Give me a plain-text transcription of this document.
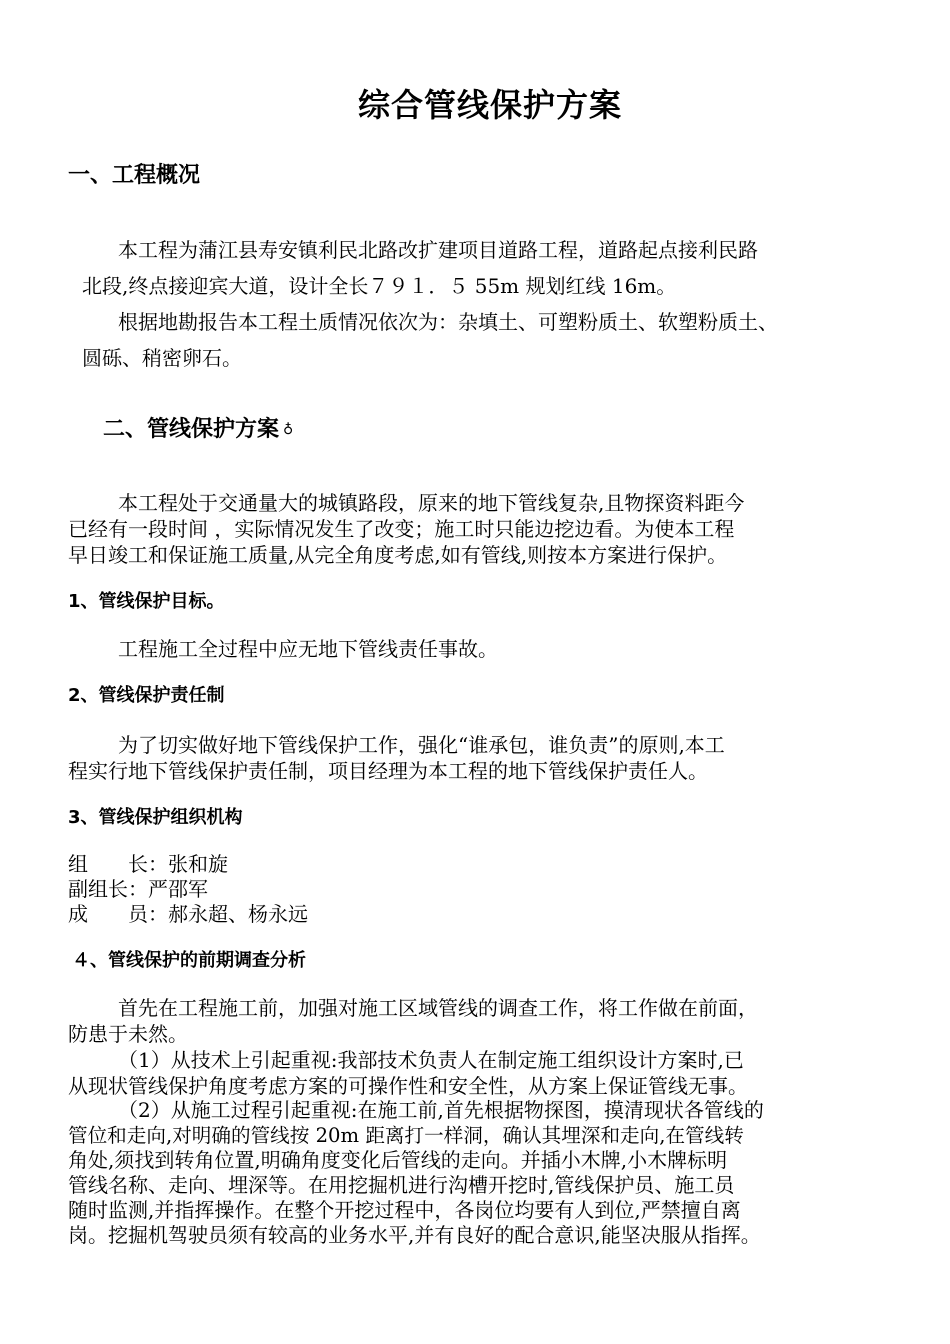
综合管线保护方案
一、工程概况
本工程为蒲江县寿安镇利民北路改扩建项目道路工程，道路起点接利民路
北段,终点接迎宾大道，设计全长７９１．５ 55m 规划红线 16m。
根据地勘报告本工程土质情况依次为：杂填土、可塑粉质土、软塑粉质土、
圆砾、稍密卵石。
二、管线保护方案 ♁
本工程处于交通量大的城镇路段，原来的地下管线复杂,且物探资料距今
已经有一段时间 ，实际情况发生了改变；施工时只能边挖边看。为使本工程
早日竣工和保证施工质量,从完全角度考虑,如有管线,则按本方案进行保护。
1、管线保护目标。
工程施工全过程中应无地下管线责任事故。
2、管线保护责任制
为了切实做好地下管线保护工作，强化“谁承包，谁负责”的原则,本工
程实行地下管线保护责任制，项目经理为本工程的地下管线保护责任人。
3、管线保护组织机构
组　　长：张和旋
副组长：严邵军
成　　员：郝永超、杨永远
４、管线保护的前期调查分析
首先在工程施工前，加强对施工区域管线的调查工作，将工作做在前面，
防患于未然。
（1）从技术上引起重视:我部技术负责人在制定施工组织设计方案时,已
从现状管线保护角度考虑方案的可操作性和安全性，从方案上保证管线无事。
（2）从施工过程引起重视:在施工前,首先根据物探图，摸清现状各管线的
管位和走向,对明确的管线按 20m 距离打一样洞，确认其埋深和走向,在管线转
角处,须找到转角位置,明确角度变化后管线的走向。并插小木牌,小木牌标明
管线名称、走向、埋深等。在用挖掘机进行沟槽开挖时,管线保护员、施工员
随时监测,并指挥操作。在整个开挖过程中，各岗位均要有人到位,严禁擅自离
岗。挖掘机驾驶员须有较高的业务水平,并有良好的配合意识,能坚决服从指挥。
